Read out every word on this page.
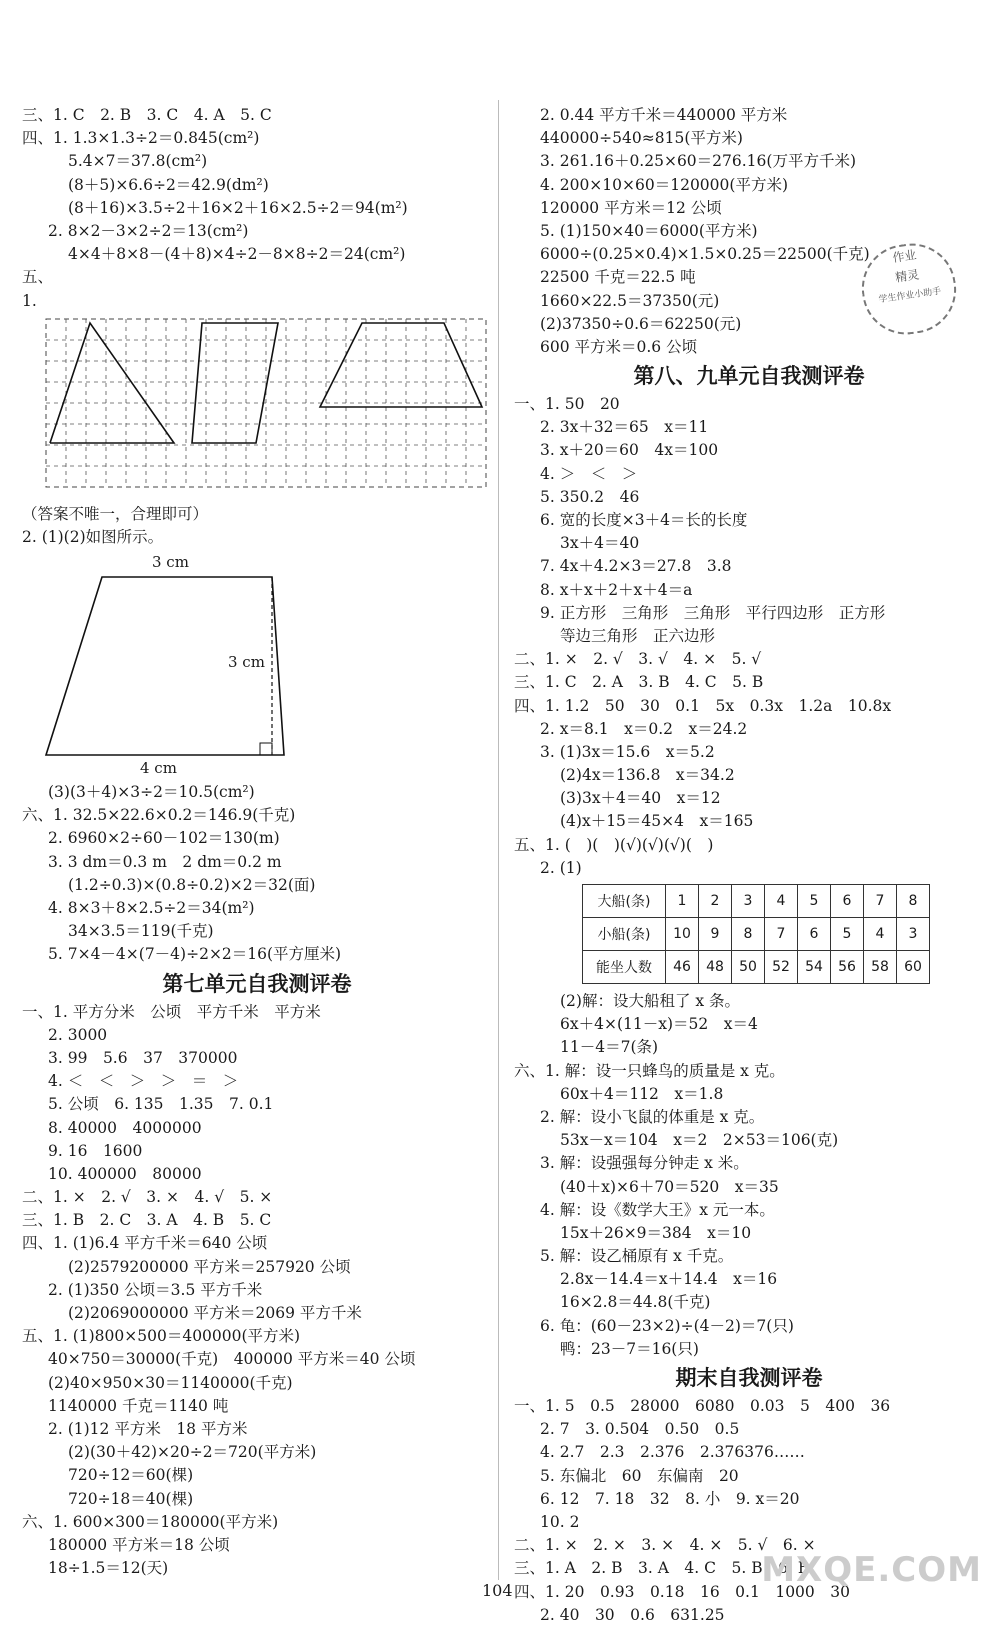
三、1. C　2. B　3. C　4. A　5. C
四、1. 1.3×1.3÷2＝0.845(cm²)
5.4×7＝37.8(cm²)
(8＋5)×6.6÷2＝42.9(dm²)
(8＋16)×3.5÷2＋16×2＋16×2.5÷2＝94(m²)
2. 8×2－3×2÷2＝13(cm²)
4×4＋8×8－(4＋8)×4÷2－8×8÷2＝24(cm²)
五、
1.
（答案不唯一，合理即可）
2. (1)(2)如图所示。
3 cm
3 cm
4 cm
(3)(3＋4)×3÷2＝10.5(cm²)
六、1. 32.5×22.6×0.2＝146.9(千克)
2. 6960×2÷60－102＝130(m)
3. 3 dm＝0.3 m　2 dm＝0.2 m
(1.2÷0.3)×(0.8÷0.2)×2＝32(面)
4. 8×3＋8×2.5÷2＝34(m²)
34×3.5＝119(千克)
5. 7×4－4×(7－4)÷2×2＝16(平方厘米)
第七单元自我测评卷
一、1. 平方分米　公顷　平方千米　平方米
2. 3000
3. 99　5.6　37　370000
4. ＜　＜　＞　＞　＝　＞
5. 公顷　6. 135　1.35　7. 0.1
8. 40000　4000000
9. 16　1600
10. 400000　80000
二、1. ×　2. √　3. ×　4. √　5. ×
三、1. B　2. C　3. A　4. B　5. C
四、1. (1)6.4 平方千米＝640 公顷
(2)2579200000 平方米＝257920 公顷
2. (1)350 公顷＝3.5 平方千米
(2)2069000000 平方米＝2069 平方千米
五、1. (1)800×500＝400000(平方米)
40×750＝30000(千克)　400000 平方米＝40 公顷
(2)40×950×30＝1140000(千克)
1140000 千克＝1140 吨
2. (1)12 平方米　18 平方米
(2)(30＋42)×20÷2＝720(平方米)
720÷12＝60(棵)
720÷18＝40(棵)
六、1. 600×300＝180000(平方米)
180000 平方米＝18 公顷
18÷1.5＝12(天)
2. 0.44 平方千米＝440000 平方米
440000÷540≈815(平方米)
3. 261.16＋0.25×60＝276.16(万平方千米)
4. 200×10×60＝120000(平方米)
120000 平方米＝12 公顷
5. (1)150×40＝6000(平方米)
6000÷(0.25×0.4)×1.5×0.25＝22500(千克)
22500 千克＝22.5 吨
1660×22.5＝37350(元)
(2)37350÷0.6＝62250(元)
600 平方米＝0.6 公顷
第八、九单元自我测评卷
一、1. 50　20
2. 3x＋32＝65　x＝11
3. x＋20＝60　4x＝100
4. ＞　＜　＞
5. 350.2　46
6. 宽的长度×3＋4＝长的长度
3x＋4＝40
7. 4x＋4.2×3＝27.8　3.8
8. x＋x＋2＋x＋4＝a
9. 正方形　三角形　三角形　平行四边形　正方形
等边三角形　正六边形
二、1. ×　2. √　3. √　4. ×　5. √
三、1. C　2. A　3. B　4. C　5. B
四、1. 1.2　50　30　0.1　5x　0.3x　1.2a　10.8x
2. x＝8.1　x＝0.2　x＝24.2
3. (1)3x＝15.6　x＝5.2
(2)4x＝136.8　x＝34.2
(3)3x＋4＝40　x＝12
(4)x＋15＝45×4　x＝165
五、1. (　)(　)(√)(√)(√)(　)
2. (1)
大船(条)	1	2	3	4	5	6	7	8
小船(条)	10	9	8	7	6	5	4	3
能坐人数	46	48	50	52	54	56	58	60
(2)解：设大船租了 x 条。
6x＋4×(11－x)＝52　x＝4
11－4＝7(条)
六、1. 解：设一只蜂鸟的质量是 x 克。
60x＋4＝112　x＝1.8
2. 解：设小飞鼠的体重是 x 克。
53x－x＝104　x＝2　2×53＝106(克)
3. 解：设强强每分钟走 x 米。
(40＋x)×6＋70＝520　x＝35
4. 解：设《数学大王》x 元一本。
15x＋26×9＝384　x＝10
5. 解：设乙桶原有 x 千克。
2.8x－14.4＝x＋14.4　x＝16
16×2.8＝44.8(千克)
6. 龟：(60－23×2)÷(4－2)＝7(只)
鸭：23－7＝16(只)
期末自我测评卷
一、1. 5　0.5　28000　6080　0.03　5　400　36
2. 7　3. 0.504　0.50　0.5
4. 2.7　2.3　2.376　2.376376……
5. 东偏北　60　东偏南　20
6. 12　7. 18　32　8. 小　9. x＝20
10. 2
二、1. ×　2. ×　3. ×　4. ×　5. √　6. ×
三、1. A　2. B　3. A　4. C　5. B　6. B
四、1. 20　0.93　0.18　16　0.1　1000　30
2. 40　30　0.6　631.25
作业
精灵
学生作业小助手
MXQE.COM
104
